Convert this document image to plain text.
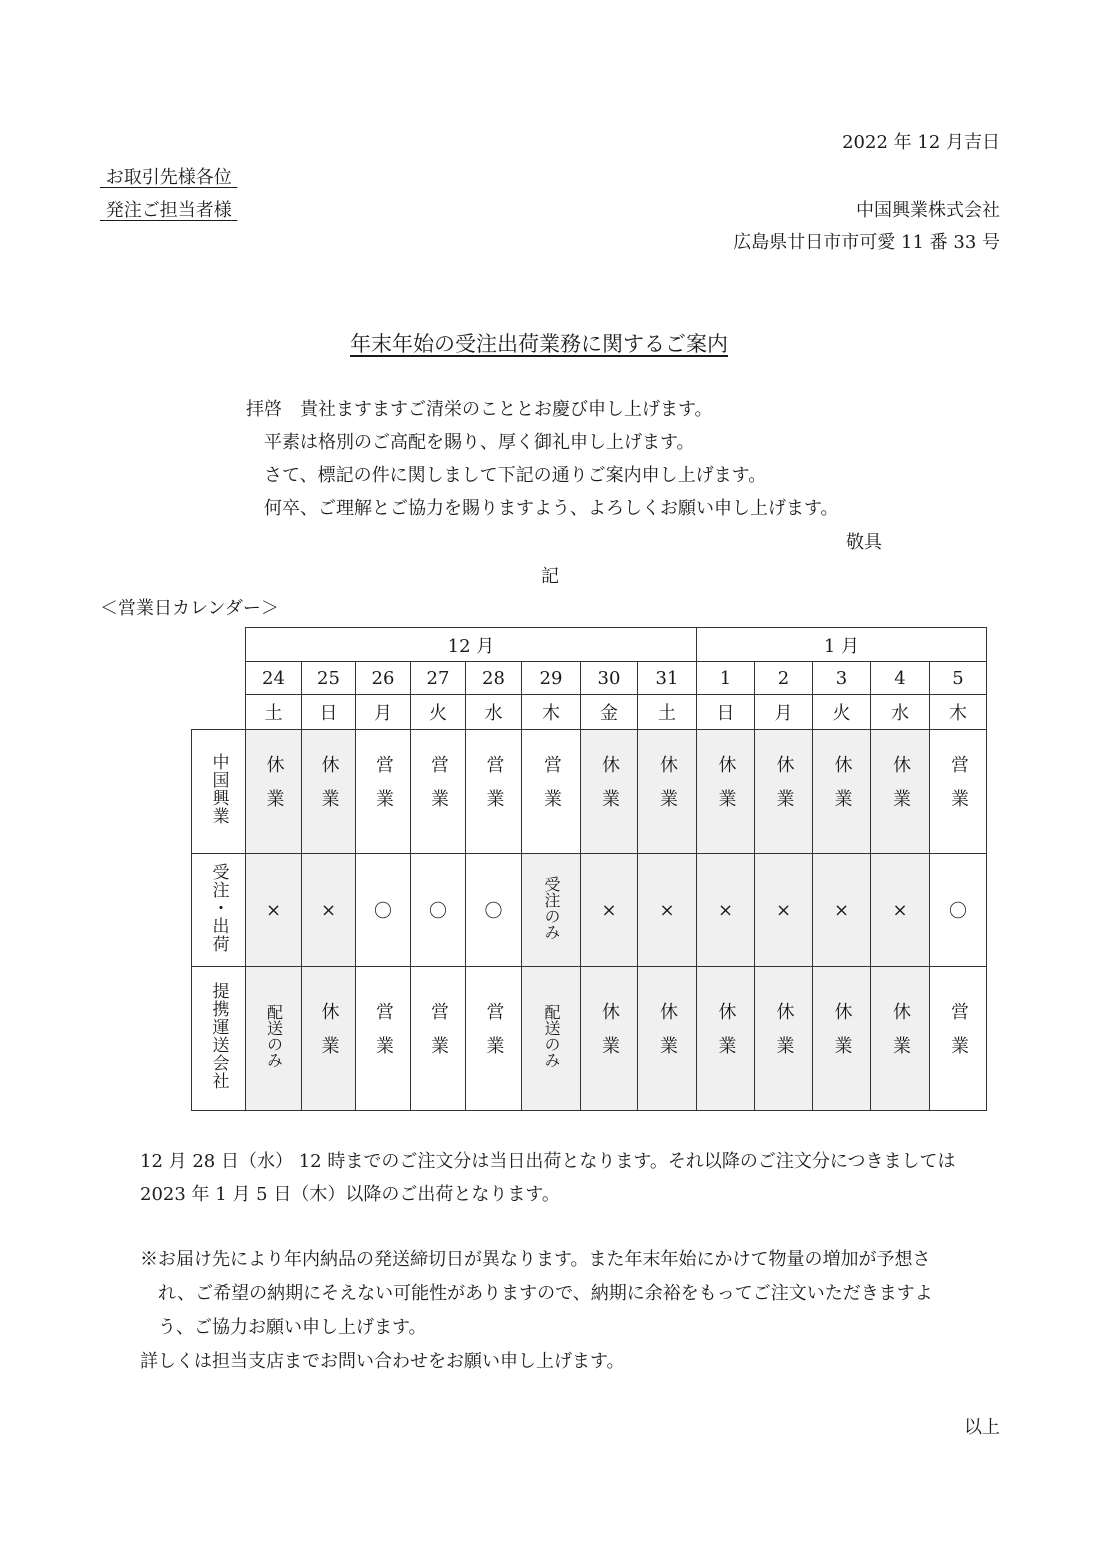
2022 年 12 月吉日
お取引先様各位
発注ご担当者様	中国興業株式会社
広島県廿日市市可愛 11 番 33 号
年末年始の受注出荷業務に関するご案内
拝啓　貴社ますますご清栄のこととお慶び申し上げます。
平素は格別のご高配を賜り、厚く御礼申し上げます。
さて、標記の件に関しまして下記の通りご案内申し上げます。
何卒、ご理解とご協力を賜りますよう、よろしくお願い申し上げます。
敬具
記
＜営業日カレンダー＞
	12 月								1 月				
	24	25	26	27	28	29	30	31	1	2	3	4	5
	土	日	月	火	水	木	金	土	日	月	火	水	木
中国興業	休業	休業	営業	営業	営業	営業	休業	休業	休業	休業	休業	休業	営業
受注・出荷	×	×	〇	〇	〇	受注のみ	×	×	×	×	×	×	〇
提携運送会社	配送のみ	休業	営業	営業	営業	配送のみ	休業	休業	休業	休業	休業	休業	営業
12 月 28 日（水） 12 時までのご注文分は当日出荷となります。それ以降のご注文分につきましては
2023 年 1 月 5 日（木）以降のご出荷となります。
※お届け先により年内納品の発送締切日が異なります。また年末年始にかけて物量の増加が予想さ
れ、ご希望の納期にそえない可能性がありますので、納期に余裕をもってご注文いただきますよ
う、ご協力お願い申し上げます。
詳しくは担当支店までお問い合わせをお願い申し上げます。
以上
